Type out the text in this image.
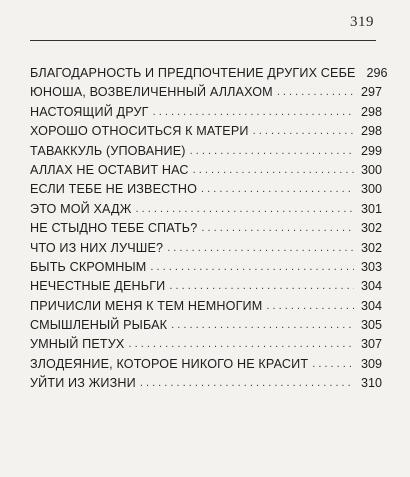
319
БЛАГОДАРНОСТЬ И ПРЕДПОЧТЕНИЕ ДРУГИХ СЕБЕ 296
ЮНОША, ВОЗВЕЛИЧЕННЫЙ АЛЛАХОМ . . .	297
НАСТОЯЩИЙ ДРУГ . . .	298
ХОРОШО ОТНОСИТЬСЯ К МАТЕРИ . . .	298
ТАВАККУЛЬ (УПОВАНИЕ) . . .	299
АЛЛАХ НЕ ОСТАВИТ НАС . . .	300
ЕСЛИ ТЕБЕ НЕ ИЗВЕСТНО . . .	300
ЭТО МОЙ ХАДЖ . . .	301
НЕ СТЫДНО ТЕБЕ СПАТЬ? . . .	302
ЧТО ИЗ НИХ ЛУЧШЕ? . . .	302
БЫТЬ СКРОМНЫМ . . .	303
НЕЧЕСТНЫЕ ДЕНЬГИ . . .	304
ПРИЧИСЛИ МЕНЯ К ТЕМ НЕМНОГИМ . . .	304
СМЫШЛЕНЫЙ РЫБАК . . .	305
УМНЫЙ ПЕТУХ . . .	307
ЗЛОДЕЯНИЕ, КОТОРОЕ НИКОГО НЕ КРАСИТ . . .	309
УЙТИ ИЗ ЖИЗНИ . . .	310
